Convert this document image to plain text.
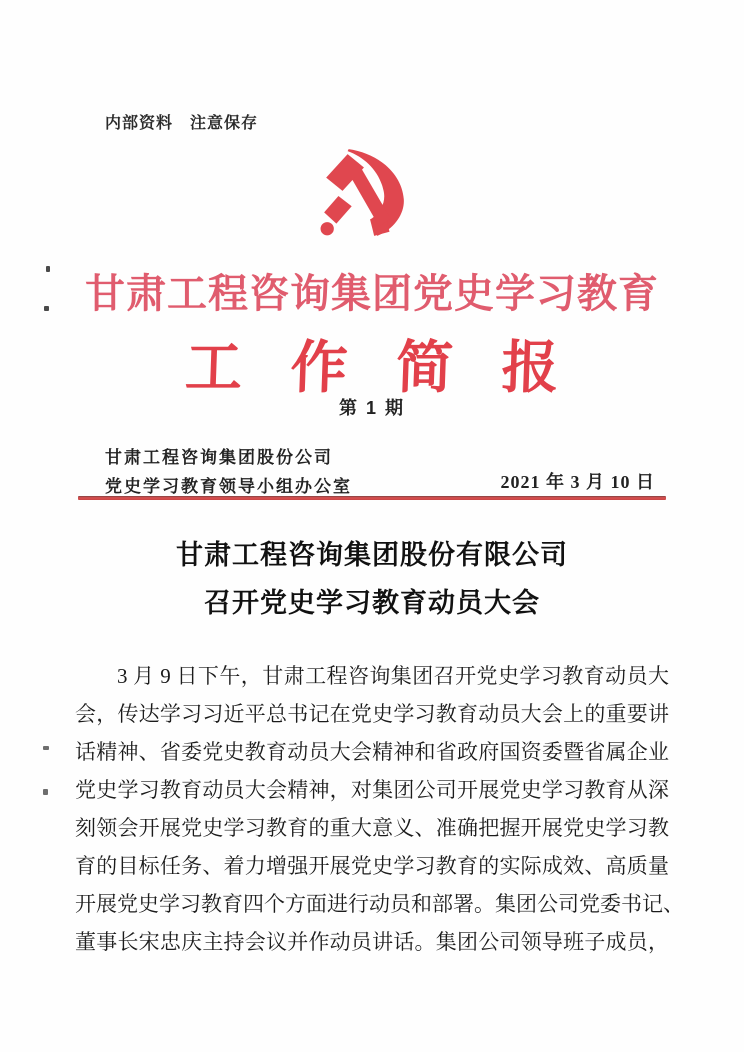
内部资料　注意保存
甘肃工程咨询集团党史学习教育
工作简报
第 1 期
甘肃工程咨询集团股份公司
党史学习教育领导小组办公室	2021 年 3 月 10 日
甘肃工程咨询集团股份有限公司
召开党史学习教育动员大会
3 月 9 日下午，甘肃工程咨询集团召开党史学习教育动员大
会，传达学习习近平总书记在党史学习教育动员大会上的重要讲
话精神、省委党史教育动员大会精神和省政府国资委暨省属企业
党史学习教育动员大会精神，对集团公司开展党史学习教育从深
刻领会开展党史学习教育的重大意义、准确把握开展党史学习教
育的目标任务、着力增强开展党史学习教育的实际成效、高质量
开展党史学习教育四个方面进行动员和部署。集团公司党委书记、
董事长宋忠庆主持会议并作动员讲话。集团公司领导班子成员，
